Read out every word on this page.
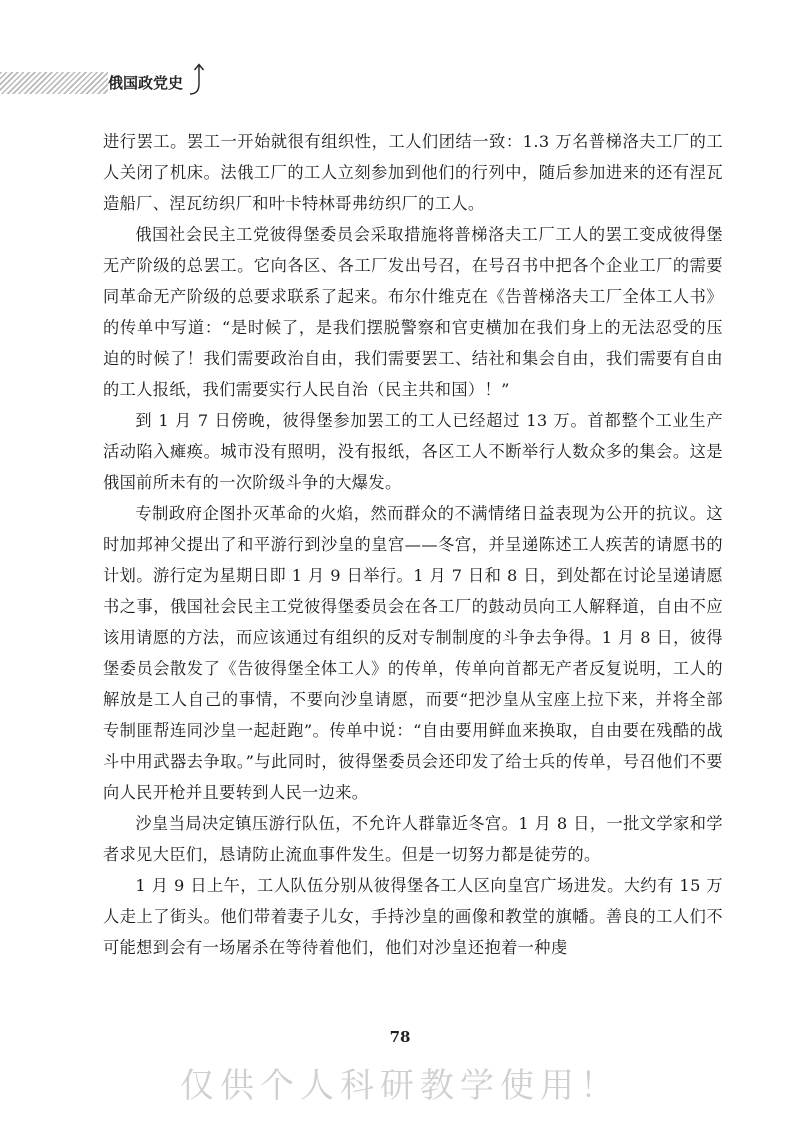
俄国政党史

进行罢工。罢工一开始就很有组织性，工人们团结一致：1.3 万名普梯洛夫工厂的工人关闭了机床。法俄工厂的工人立刻参加到他们的行列中，随后参加进来的还有涅瓦造船厂、涅瓦纺织厂和叶卡特林哥弗纺织厂的工人。

俄国社会民主工党彼得堡委员会采取措施将普梯洛夫工厂工人的罢工变成彼得堡无产阶级的总罢工。它向各区、各工厂发出号召，在号召书中把各个企业工厂的需要同革命无产阶级的总要求联系了起来。布尔什维克在《告普梯洛夫工厂全体工人书》的传单中写道：“是时候了，是我们摆脱警察和官吏横加在我们身上的无法忍受的压迫的时候了！我们需要政治自由，我们需要罢工、结社和集会自由，我们需要有自由的工人报纸，我们需要实行人民自治（民主共和国）！”

到 1 月 7 日傍晚，彼得堡参加罢工的工人已经超过 13 万。首都整个工业生产活动陷入瘫痪。城市没有照明，没有报纸，各区工人不断举行人数众多的集会。这是俄国前所未有的一次阶级斗争的大爆发。

专制政府企图扑灭革命的火焰，然而群众的不满情绪日益表现为公开的抗议。这时加邦神父提出了和平游行到沙皇的皇宫——冬宫，并呈递陈述工人疾苦的请愿书的计划。游行定为星期日即 1 月 9 日举行。1 月 7 日和 8 日，到处都在讨论呈递请愿书之事，俄国社会民主工党彼得堡委员会在各工厂的鼓动员向工人解释道，自由不应该用请愿的方法，而应该通过有组织的反对专制制度的斗争去争得。1 月 8 日，彼得堡委员会散发了《告彼得堡全体工人》的传单，传单向首都无产者反复说明，工人的解放是工人自己的事情，不要向沙皇请愿，而要“把沙皇从宝座上拉下来，并将全部专制匪帮连同沙皇一起赶跑”。传单中说：“自由要用鲜血来换取，自由要在残酷的战斗中用武器去争取。”与此同时，彼得堡委员会还印发了给士兵的传单，号召他们不要向人民开枪并且要转到人民一边来。

沙皇当局决定镇压游行队伍，不允许人群靠近冬宫。1 月 8 日，一批文学家和学者求见大臣们，恳请防止流血事件发生。但是一切努力都是徒劳的。

1 月 9 日上午，工人队伍分别从彼得堡各工人区向皇宫广场进发。大约有 15 万人走上了街头。他们带着妻子儿女，手持沙皇的画像和教堂的旗幡。善良的工人们不可能想到会有一场屠杀在等待着他们，他们对沙皇还抱着一种虔

78
仅供个人科研教学使用！
